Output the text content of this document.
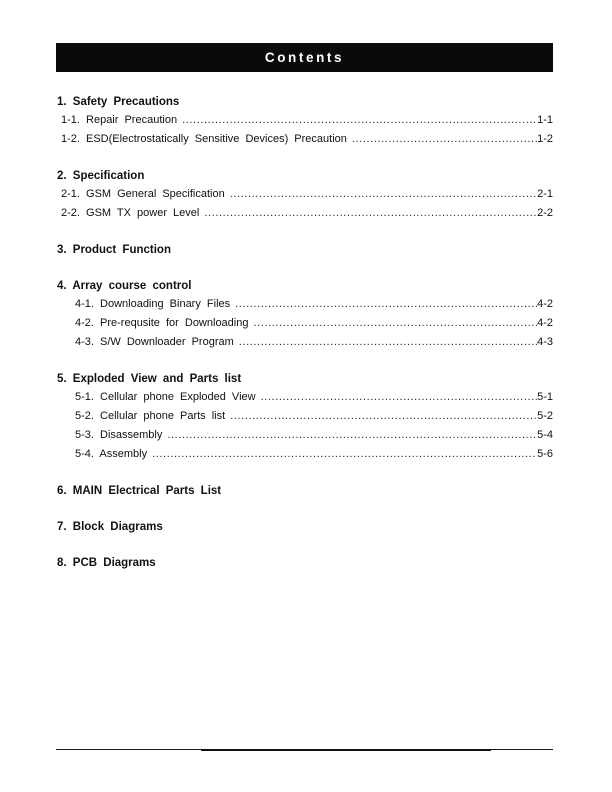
Contents
1. Safety Precautions
1-1. Repair Precaution .....	1-1
1-2. ESD(Electrostatically Sensitive Devices) Precaution .....	1-2
2. Specification
2-1. GSM General Specification .....	2-1
2-2. GSM TX power Level .....	2-2
3. Product Function
4. Array course control
4-1. Downloading Binary Files .....	4-2
4-2. Pre-requsite for Downloading .....	4-2
4-3. S/W Downloader Program .....	4-3
5. Exploded View and Parts list
5-1. Cellular phone Exploded View .....	5-1
5-2. Cellular phone Parts list .....	5-2
5-3. Disassembly .....	5-4
5-4. Assembly .....	5-6
6. MAIN Electrical Parts List
7. Block Diagrams
8. PCB Diagrams
